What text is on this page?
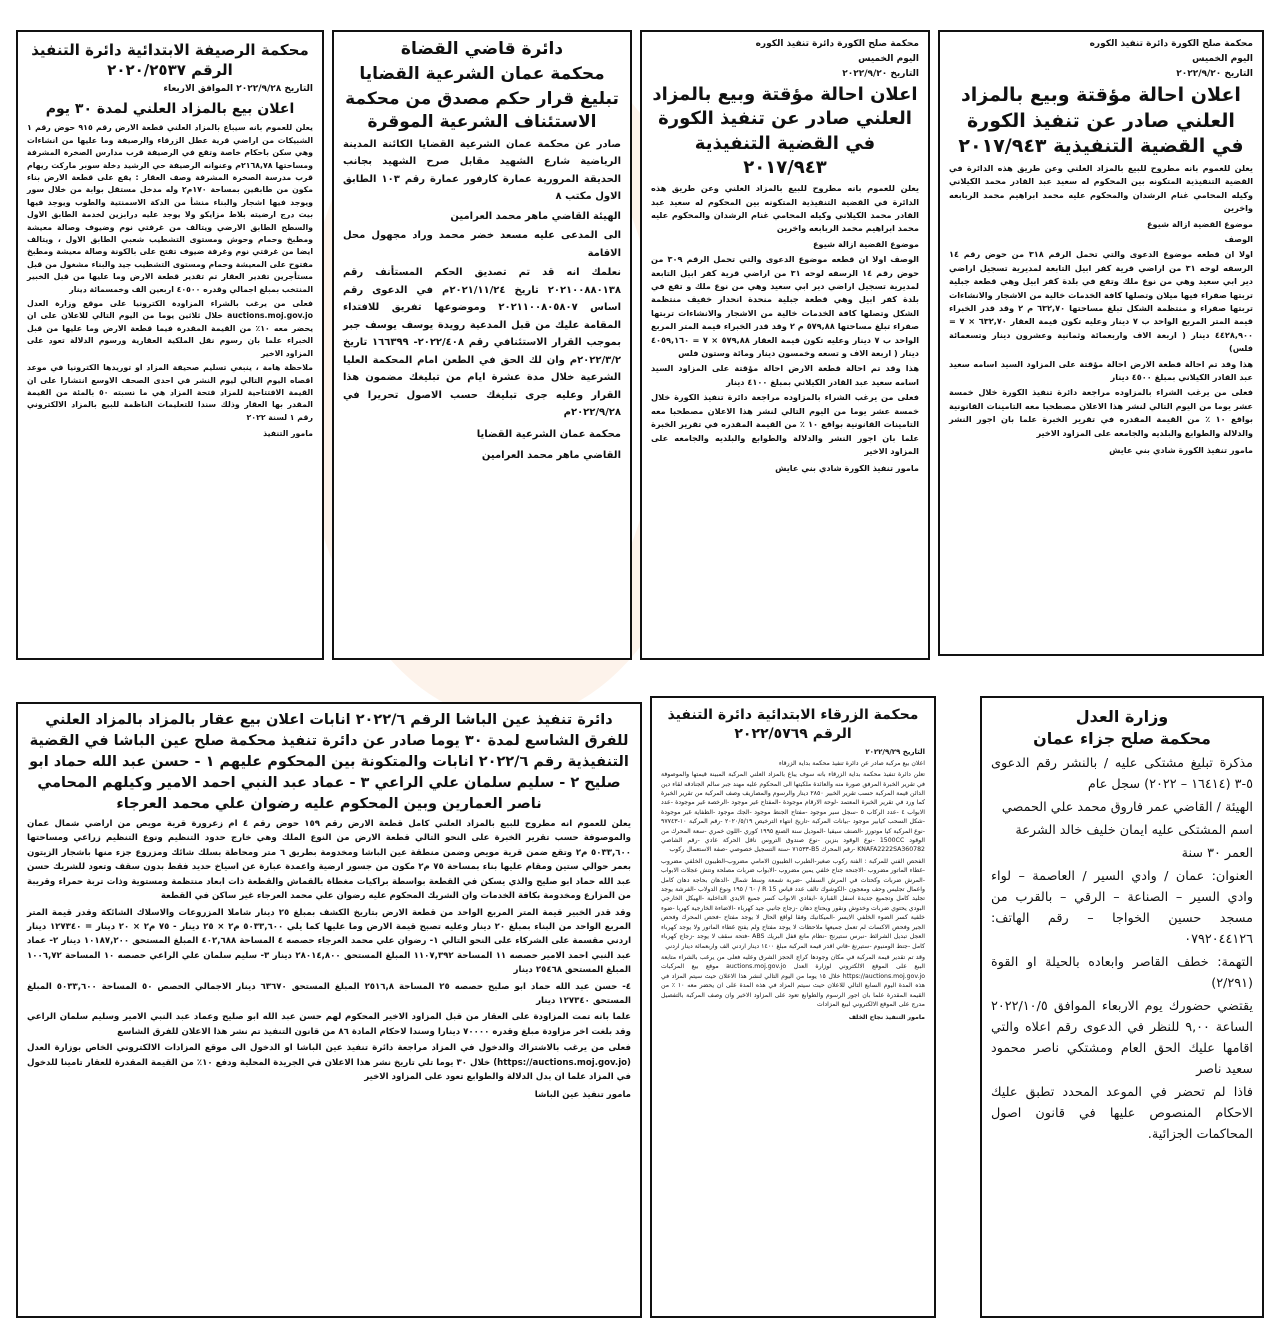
محكمة صلح الكورة دائرة تنفيذ الكوره

اليوم الخميس

التاريخ ٢٠٢٢/٩/٢٠

اعلان احالة مؤقتة وبيع بالمزاد العلني صادر عن تنفيذ الكورة في القضية التنفيذية ٢٠١٧/٩٤٣

يعلن للعموم بانه مطروح للبيع بالمزاد العلني وعن طريق هذه الدائرة في القضية التنفيذية المتكونه بين المحكوم له سعيد عبد القادر محمد الكيلاني وكيله المحامي غنام الرشدان والمحكوم عليه محمد ابراهيم محمد الربابعه واخرين

موضوع القضية ازالة شيوع

الوصف

اولا ان قطعه موضوع الدعوى والتي تحمل الرقم ٣١٨ من حوض رقم ١٤ الرسفه لوحه ٣١ من اراضي قرية كفر ابيل التابعة لمديرية تسجيل اراضي دير ابي سعيد وهي من نوع ملك وتقع في بلدة كفر ابيل وهي قطعة جبلية تربتها صفراء فيها ميلان وتصلها كافة الخدمات خالية من الاشجار والانشاءات تربتها صفراء و منتظمة الشكل تبلغ مساحتها ٦٣٢,٧٠ م ٢ وقد قدر الخبراء قيمة المتر المربع الواحد ب ٧ دينار وعليه تكون قيمة العقار ٦٣٢,٧٠ × ٧ = ٤٤٢٨,٩٠٠ دينار ( اربعة الاف واربعمائة وثمانية وعشرون دينار وتسعمائة فلس)

هذا وقد تم احالة قطعة الارض احالة مؤقتة على المزاود السيد اسامه سعيد عبد القادر الكيلاني بمبلغ ٤٥٠٠ دينار

فعلى من يرغب الشراء بالمزاوده مراجعة دائرة تنفيذ الكورة خلال خمسة عشر يوما من اليوم التالي لنشر هذا الاعلان مصطحبا معه التامينات القانونية بواقع ١٠ ٪ من القيمة المقدره في تقرير الخبرة علما بان اجور النشر والدلالة والطوابع والبلديه والجامعه على المزاود الاخير

مامور تنفيذ الكورة شادي بني عايش

محكمة صلح الكورة دائرة تنفيذ الكوره

اليوم الخميس

التاريخ ٢٠٢٢/٩/٢٠

اعلان احالة مؤقتة وبيع بالمزاد العلني صادر عن تنفيذ الكورة في القضية التنفيذية ٢٠١٧/٩٤٣

يعلن للعموم بانه مطروح للبيع بالمزاد العلني وعن طريق هذه الدائرة في القضية التنفيذية المتكونه بين المحكوم له سعيد عبد القادر محمد الكيلاني وكيله المحامي غنام الرشدان والمحكوم عليه محمد ابراهيم محمد الربابعه واخرين

موضوع القضية ازالة شيوع

الوصف اولا ان قطعه موضوع الدعوى والتي تحمل الرقم ٣٠٩ من حوض رقم ١٤ الرسفه لوحه ٣١ من اراضي قرية كفر ابيل التابعة لمديرية تسجيل اراضي دير ابي سعيد وهي من نوع ملك و تقع في بلدة كفر ابيل وهي قطعة جبلية منحدة انحدار خفيف منتظمة الشكل وتصلها كافة الخدمات خالية من الاشجار والانشاءات تربتها صفراء تبلغ مساحتها ٥٧٩,٨٨ م ٢ وقد قدر الخبراء قيمة المتر المربع الواحد ب ٧ دينار وعليه تكون قيمة العقار ٥٧٩,٨٨ × ٧ = ٤٠٥٩,١٦٠ دينار ( اربعة الاف و تسعه وخمسون دينار ومائة وستون فلس

هذا وقد تم احالة قطعة الارض احالة مؤقتة على المزاود السيد اسامه سعيد عبد القادر الكيلاني بمبلغ ٤١٠٠ دينار

فعلى من يرغب الشراء بالمزاوده مراجعة دائرة تنفيذ الكورة خلال خمسة عشر يوما من اليوم التالي لنشر هذا الاعلان مصطحبا معه التامينات القانونية بواقع ١٠ ٪ من القيمة المقدره في تقرير الخبرة علما بان اجور النشر والدلالة والطوابع والبلديه والجامعه على المزاود الاخير

مامور تنفيذ الكورة شادي بني عايش

دائرة قاضي القضاة

محكمة عمان الشرعية القضايا

تبليغ قرار حكم مصدق من محكمة الاستئناف الشرعية الموقرة

صادر عن محكمة عمان الشرعية القضايا الكائنة المدينة الرياضية شارع الشهيد مقابل صرح الشهيد بجانب الحديقة المرورية عمارة كارفور عمارة رقم ١٠٣ الطابق الاول مكتب ٨

الهيئة القاضي ماهر محمد العرامين

الى المدعى عليه مسعد خضر محمد وراد مجهول محل الاقامة

نعلمك انه قد تم تصديق الحكم المستأنف رقم ٢٠٢١٠٠٨٨٠١٣٨ تاريخ ٢٠٢١/١١/٢٤م في الدعوى رقم اساس ٢٠٢١١٠٠٨٠٥٨٠٧ وموضوعها تفريق للافتداء المقامة عليك من قبل المدعية رويدة يوسف يوسف جبر بموجب القرار الاستئنافي رقم ٢٠٢٢/٤٠٨- ١٦٦٣٩٩ تاريخ ٢٠٢٢/٣/٢م وان لك الحق في الطعن امام المحكمة العليا الشرعية خلال مدة عشرة ايام من تبليغك مضمون هذا القرار وعليه جرى تبليغك حسب الاصول تحريرا في ٢٠٢٢/٩/٢٨م

محكمة عمان الشرعية القضايا

القاضي ماهر محمد العرامين

محكمة الرصيفة الابتدائية دائرة التنفيذ الرقم ٢٠٢٠/٢٥٣٧

التاريخ ٢٠٢٢/٩/٢٨ الموافق الاربعاء

اعلان بيع بالمزاد العلني لمدة ٣٠ يوم

يعلن للعموم بانه سيباع بالمزاد العلني قطعة الارض رقم ٩١٥ حوض رقم ١ الشبيكات من اراضي قرية عطل الزرقاء والرصيفة وما عليها من انشاءات وهي سكن باحكام خاصة وتقع في الرصيفة قرب مدارس الصخرة المشرفة ومساحتها ٢١٦٨,٧٨م وعنوانه الرصيفة حي الرشيد دخلة سوبر ماركت ريهام قرب مدرسة الصخرة المشرفة وصف العقار : يقع على قطعة الارض بناء مكون من طابقين بمساحة ١٧٠م٢ وله مدخل مستقل بوابة من خلال سور ويوجد فيها اشجار والبناء منشأ من الدكة الاسمنتية والطوب ويوجد فيها بيت درج ارضيته بلاط مزايكو ولا يوجد عليه درابزين لخدمة الطابق الاول والسطح الطابق الارضي ويتالف من غرفتي نوم وضيوف وصالة معيشة ومطبخ وحمام وحوش ومستوى التشطيب شعبي الطابق الاول ، ويتالف ايضا من غرفتي نوم وغرفة ضيوف تفتح على بالكونة وصالة معيشة ومطبخ مفتوح على المعيشة وحمام ومستوى التشطيب جيد والبناء مشغول من قبل مستأجرين تقدير العقار تم تقدير قطعة الارض وما عليها من قبل الخبير المنتخب بمبلغ اجمالي وقدره ٤٠٥٠٠ اربعين الف وخمسمائة دينار

فعلى من يرغب بالشراء المزاودة الكترونيا على موقع وزارة العدل auctions.moj.gov.jo خلال ثلاثين يوما من اليوم التالي للاعلان على ان يحضر معه ١٠٪ من القيمة المقدرة فيما قطعة الارض وما عليها من قبل الخبراء علما بان رسوم نقل الملكية العقارية ورسوم الدلالة تعود على المزاود الاخير

ملاحظة هامة ، ينبغي تسليم صحيفة المزاد او توريدها الكترونيا في موعد اقصاه اليوم التالي ليوم النشر في احدى الصحف الاوسع انتشارا على ان القيمة الافتتاحية للمزاد فتحة المزاد هي ما نسبته ٥٠ بالمئة من القيمة المقدر بها العقار وذلك سندا للتعليمات الناظمة للبيع بالمزاد الالكتروني رقم ١ لسنة ٢٠٢٢

مامور التنفيذ

وزارة العدل

محكمة صلح جزاء عمان

مذكرة تبليغ مشتكى عليه / بالنشر رقم الدعوى ٥-٣ (١٦٤١٤ – ٢٠٢٢) سجل عام

الهيئة / القاضي عمر فاروق محمد علي الحمصي

اسم المشتكى عليه ايمان خليف خالد الشرعة

العمر ٣٠ سنة

العنوان: عمان / وادي السير / العاصمة – لواء وادي السير – الصناعة – الرقي – بالقرب من مسجد حسين الخواجا – رقم الهاتف: ٠٧٩٢٠٤٤١٢٦

التهمة: خطف القاصر وابعاده بالحيلة او القوة (٢/٢٩١)

يقتضي حضورك يوم الاربعاء الموافق ٢٠٢٢/١٠/٥ الساعة ٩,٠٠ للنظر في الدعوى رقم اعلاه والتي اقامها عليك الحق العام ومشتكي ناصر محمود سعيد ناصر

فاذا لم تحضر في الموعد المحدد تطبق عليك الاحكام المنصوص عليها في قانون اصول المحاكمات الجزائية.

محكمة الزرقاء الابتدائية دائرة التنفيذ

الرقم ٢٠٢٢/٥٧٦٩

التاريخ ٢٠٢٢/٩/٢٩

اعلان بيع مركبة صادر عن دائرة تنفيذ محكمة بداية الزرقاء

تعلن دائرة تنفيذ محكمة بداية الزرقاء بانه سوف يباع بالمزاد العلني المركبة المبينة قيمتها والموصوفة في تقرير الخبرة المرفق صورة منه والعائدة ملكيتها الى المحكوم عليه مهند جبر سالم الجنادقه لقاء دين الدائن قيمة المركبة حسب تقرير الخبير ٢٨٥٠ دينار والرسوم والمصاريف وصف المركبة من تقرير الخبرة كما ورد في تقرير الخبرة المعتمد -لوحة الارقام موجودة -المفتاح غير موجود -الرخصة غير موجودة -عدد الابواب ٤ -عدد الركاب ٥ -سجل سير موجود -مفتاح الجنط موجود -الجك موجود -الطفاية غير موجودة -شكل السحب كيابير موجود -بيانات المركبة -تاريخ انتهاء الترخيص ٢٠٢٠/٥/١٩ -رقم المركبة ١٠-٩٧٧٤٣ -نوع المركبة كيا موتورز -الصنف سيفيا -الموديل سنة الصنع ١٩٩٥ كوري -اللون خمري -سعة المحرك من الوقود 1500CC -نوع الوقود بنزين -نوع صندوق التروس ناقل الحركة عادي -رقم الشاصي KNAFA2222SA360782 -رقم المحرك B5-٧١٥٣٣ -سنة التسجيل خصوصي -صفة الاستعمال ركوب

الفحص الفني للمركبة : الفنة ركوب صغير-الطبرب الطيبون الامامي مضروب-الطيبون الخلفي مضروب -غطاء الماتور مضروب -الاجنحة جناح خلفي يمين مضروب -الابواب ضربات مصلحة ونتش عجلات الابواب -المرش ضربات وكحتات في المرش السفلي -ضربة شمعة وسط شمال -الدهان بحاجة دهان كامل واعمال تجليس وحف ومعجون -الكوشوك تالف عدد قياس R 15 / ٦٠ / ١٩٥ ونوع الدولاب -الفرشة يوجد تجليد كامل وتجميع جديدة اسفل القبارة -ايفادي الابواب كسر جميع الايدي الداخلية -الهيكل الخارجي البودي يحتوي ضربات وخدوش ونقور ويحتاج دهان -زجاج جانبي جيد كهرباء -الاضاءة الخارجية كهربا -ضوء خلفية كسر الضوء الخلفي الايسر -الميكانيك وفقا لواقع الحال لا يوجد مفتاح -فحص المحرك وفحص الجير وفحص الاكسات لم تعمل جميعها ملاحظات لا يوجد مفتاح ولم يفتح غطاء الماتور ولا يوجد كهرباء العجل تبديل الشرائط -نبرس ستيرنج -نظام مانع قفل البريك ABS -فتحة سقف لا يوجد -زجاج كهرباء كامل -جنط الومنيوم -ستيرنغ -قاني اقدر قيمة المركبة مبلغ ١٤٠٠ دينار اردني الف واربعمائة دينار اردني

وقد تم تقدير قيمة المركبة في مكان وجودها كراج الحجز الشرق وعليه فعلى من يرغب بالشراء متابعة البيع على الموقع الالكتروني لوزارة العدل auctions.moj.gov.jo موقع بيع المركبات https://auctions.moj.gov.jo خلال ١٥ يوما من اليوم التالي لنشر هذا الاعلان حيث سيتم المزاد في هذه المدة اليوم السابع التالي للاعلان حيث سيتم المزاد في هذه المدة على ان يحضر معه ١٠ ٪ من القيمة المقدرة علما بان اجور الرسوم والطوابع تعود على المزاود الاخير وان وصف المركبة بالتفصيل مدرج على الموقع الالكتروني لبيع المزادات

مامور التنفيذ نجاح الخلف

دائرة تنفيذ عين الباشا الرقم ٢٠٢٢/٦ انابات اعلان بيع عقار بالمزاد بالمزاد العلني للفرق الشاسع لمدة ٣٠ يوما صادر عن دائرة تنفيذ محكمة صلح عين الباشا في القضية التنفيذية رقم ٢٠٢٢/٦ انابات والمتكونة بين المحكوم عليهم ١ - حسن عبد الله حماد ابو صليح ٢ - سليم سلمان علي الراعي ٣ - عماد عبد النبي احمد الامير وكيلهم المحامي ناصر العمارين وبين المحكوم عليه رضوان علي محمد العرجاء

يعلن للعموم انه مطروح للبيع بالمزاد العلني كامل قطعة الارض رقم ١٥٩ حوض رقم ٤ ام زعرورة قرية مويص من اراضي شمال عمان والموصوفة حسب تقرير الخبرة على النحو التالي قطعة الارض من النوع الملك وهي خارج حدود التنظيم ونوع التنظيم زراعي ومساحتها ٥٠٣٣,٦٠٠ م٢ وتقع ضمن قرية مويص وضمن منطقة عين الباشا ومخدومة بطريق ٦ متر ومحاطة بسلك شائك ومزروع جزء منها باشجار الزيتون بعمر حوالي ستين ومقام عليها بناء بمساحة ٧٥ م٢ مكون من جسور ارضية واعمدة عبارة عن اسياخ حديد فقط بدون سقف وتعود للشريك حسن عبد الله حماد ابو صليح والذي يسكن في القطعة بواسطة براكيات مغطاة بالقماش والقطعة ذات ابعاد منتظمة ومستوية وذات تربة حمراء وقريبة من المزارع ومخدومة بكافة الخدمات وان الشريك المحكوم عليه رضوان علي محمد العرجاء غير ساكن في القطعة

وقد قدر الخبير قيمة المتر المربع الواحد من قطعة الارض بتاريخ الكشف بمبلغ ٢٥ دينار شاملا المزروعات والاسلاك الشائكة وقدر قيمة المتر المربع الواحد من البناء بمبلغ ٢٠ دينار وعليه تصبح قيمة الارض وما عليها كما يلي ٥٠٣٣,٦٠٠ م٢ × ٢٥ دينار - ٧٥ م٢ × ٢٠ دينار = ١٢٧٣٤٠ دينار اردني مقسمة على الشركاء على النحو التالي ١- رضوان علي محمد العرجاء حصصه ٤ المساحة ٤٠٢,٦٨٨ المبلغ المستحق ١٠١٨٧,٢٠٠ دينار ٢- عماد عبد النبي احمد الامير حصصه ١١ المساحة ١١٠٧,٣٩٢ المبلغ المستحق ٢٨٠١٤,٨٠٠ دينار ٣- سليم سلمان علي الراعي حصصه ١٠ المساحة ١٠٠٦,٧٢ المبلغ المستحق ٢٥٤٦٨ دينار

٤- حسن عبد الله حماد ابو صليح حصصه ٢٥ المساحة ٢٥١٦,٨ المبلغ المستحق ٦٣٦٧٠ دينار الاجمالي الحصص ٥٠ المساحة ٥٠٣٣,٦٠٠ المبلغ المستحق ١٢٧٣٤٠ دينار

علما بانه تمت المزاودة على العقار من قبل المزاود الاخير المحكوم لهم حسن عبد الله ابو صليح وعماد عبد النبي الامير وسليم سلمان الراعي وقد بلغت اخر مزاودة مبلغ وقدره ٧٠٠٠٠ دينارا وسندا لاحكام المادة ٨٦ من قانون التنفيذ تم نشر هذا الاعلان للفرق الشاسع

فعلى من يرغب بالاشتراك والدخول في المزاد مراجعة دائرة تنفيذ عين الباشا او الدخول الى موقع المزادات الالكتروني الخاص بوزارة العدل (https://auctions.moj.gov.jo) خلال ٣٠ يوما تلي تاريخ نشر هذا الاعلان في الجريدة المحلية ودفع ١٠٪ من القيمة المقدرة للعقار تامينا للدخول في المزاد علما ان بدل الدلالة والطوابع تعود على المزاود الاخير

مامور تنفيذ عين الباشا
